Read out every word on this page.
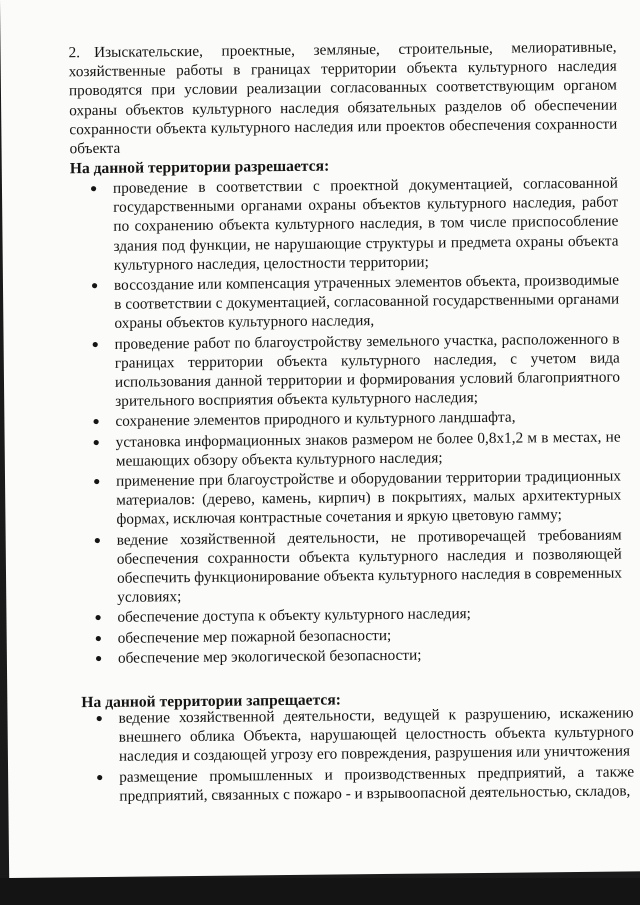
2. Изыскательские, проектные, земляные, строительные, мелиоративные, хозяйственные работы в границах территории объекта культурного наследия проводятся при условии реализации согласованных соответствующим органом охраны объектов культурного наследия обязательных разделов об обеспечении сохранности объекта культурного наследия или проектов обеспечения сохранности объекта
На данной территории разрешается:
● проведение в соответствии с проектной документацией, согласованной государственными органами охраны объектов культурного наследия, работ по сохранению объекта культурного наследия, в том числе приспособление здания под функции, не нарушающие структуры и предмета охраны объекта культурного наследия, целостности территории;
● воссоздание или компенсация утраченных элементов объекта, производимые в соответствии с документацией, согласованной государственными органами охраны объектов культурного наследия,
● проведение работ по благоустройству земельного участка, расположенного в границах территории объекта культурного наследия, с учетом вида использования данной территории и формирования условий благоприятного зрительного восприятия объекта культурного наследия;
● сохранение элементов природного и культурного ландшафта,
● установка информационных знаков размером не более 0,8х1,2 м в местах, не мешающих обзору объекта культурного наследия;
● применение при благоустройстве и оборудовании территории традиционных материалов: (дерево, камень, кирпич) в покрытиях, малых архитектурных формах, исключая контрастные сочетания и яркую цветовую гамму;
● ведение хозяйственной деятельности, не противоречащей требованиям обеспечения сохранности объекта культурного наследия и позволяющей обеспечить функционирование объекта культурного наследия в современных условиях;
● обеспечение доступа к объекту культурного наследия;
● обеспечение мер пожарной безопасности;
● обеспечение мер экологической безопасности;
На данной территории запрещается:
● ведение хозяйственной деятельности, ведущей к разрушению, искажению внешнего облика Объекта, нарушающей целостность объекта культурного наследия и создающей угрозу его повреждения, разрушения или уничтожения
● размещение промышленных и производственных предприятий, а также предприятий, связанных с пожаро - и взрывоопасной деятельностью, складов,
